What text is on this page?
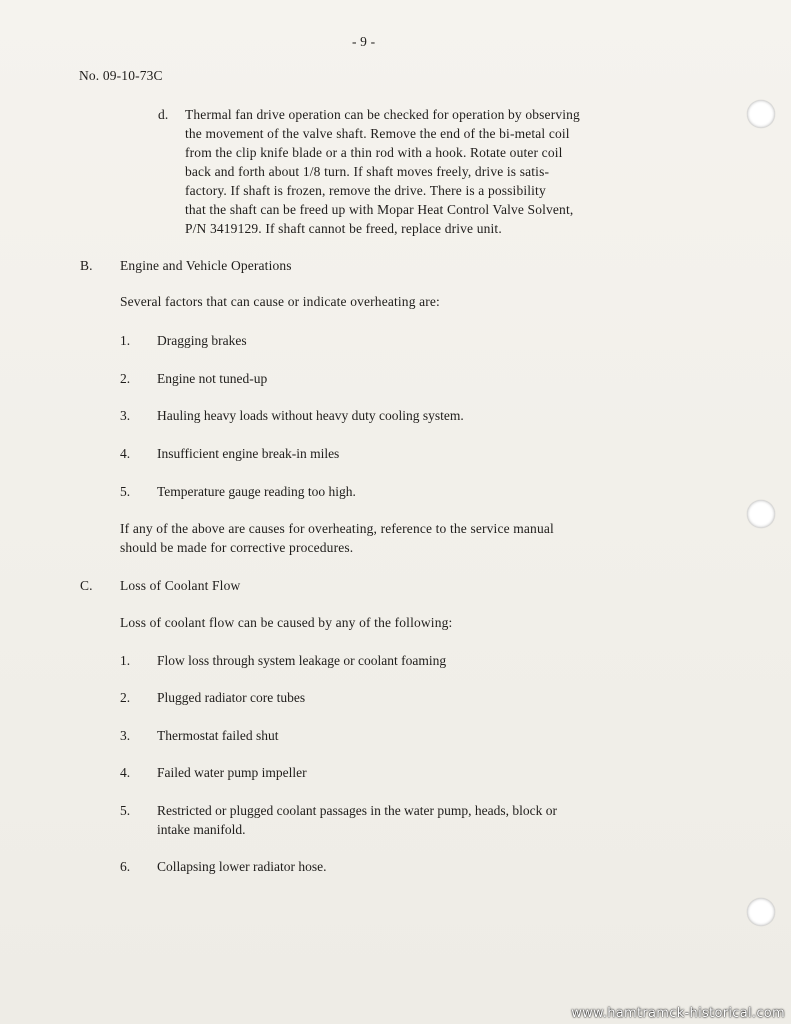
- 9 -
No. 09-10-73C
d. Thermal fan drive operation can be checked for operation by observing
the movement of the valve shaft. Remove the end of the bi-metal coil
from the clip knife blade or a thin rod with a hook. Rotate outer coil
back and forth about 1/8 turn. If shaft moves freely, drive is satis-
factory. If shaft is frozen, remove the drive. There is a possibility
that the shaft can be freed up with Mopar Heat Control Valve Solvent,
P/N 3419129. If shaft cannot be freed, replace drive unit.
B. Engine and Vehicle Operations
Several factors that can cause or indicate overheating are:
1. Dragging brakes
2. Engine not tuned-up
3. Hauling heavy loads without heavy duty cooling system.
4. Insufficient engine break-in miles
5. Temperature gauge reading too high.
If any of the above are causes for overheating, reference to the service manual
should be made for corrective procedures.
C. Loss of Coolant Flow
Loss of coolant flow can be caused by any of the following:
1. Flow loss through system leakage or coolant foaming
2. Plugged radiator core tubes
3. Thermostat failed shut
4. Failed water pump impeller
5. Restricted or plugged coolant passages in the water pump, heads, block or
intake manifold.
6. Collapsing lower radiator hose.
www.hamtramck-historical.com
